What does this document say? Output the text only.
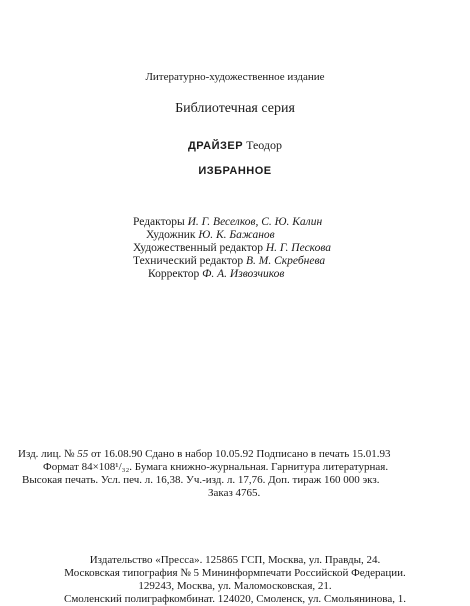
Литературно-художественное издание
Библиотечная серия
ДРАЙЗЕР Теодор
ИЗБРАННОЕ
Редакторы И. Г. Веселков, С. Ю. Калин
Художник Ю. К. Бажанов
Художественный редактор Н. Г. Пескова
Технический редактор В. М. Скребнева
Корректор Ф. А. Извозчиков
Изд. лиц. № 55 от 16.08.90 Сдано в набор 10.05.92 Подписано в печать 15.01.93
Формат 84×108¹/₃₂. Бумага книжно-журнальная. Гарнитура литературная.
Высокая печать. Усл. печ. л. 16,38. Уч.-изд. л. 17,76. Доп. тираж 160 000 экз.
Заказ 4765.
Издательство «Пресса». 125865 ГСП, Москва, ул. Правды, 24.
Московская типография № 5 Мининформпечати Российской Федерации.
129243, Москва, ул. Маломосковская, 21.
Смоленский полиграфкомбинат. 124020, Смоленск, ул. Смольянинова, 1.
